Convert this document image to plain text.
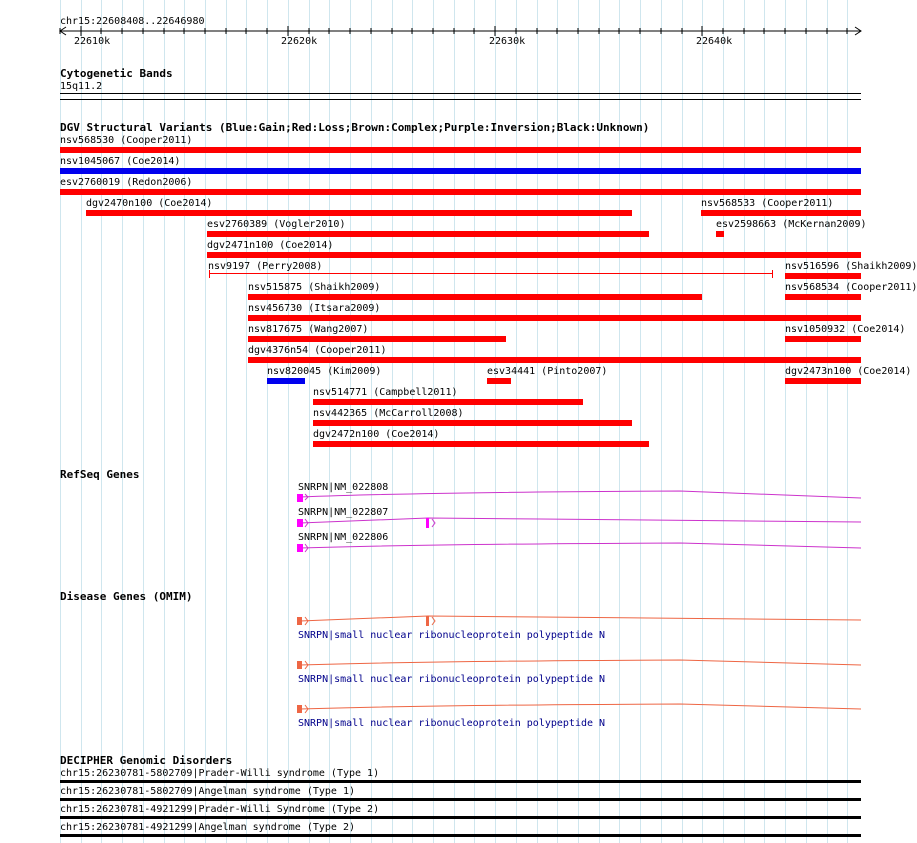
chr15:22608408..22646980
22610k	22620k	22630k	22640k
Cytogenetic Bands
15q11.2
DGV Structural Variants (Blue:Gain;Red:Loss;Brown:Complex;Purple:Inversion;Black:Unknown)
nsv568530 (Cooper2011)
nsv1045067 (Coe2014)
esv2760019 (Redon2006)
dgv2470n100 (Coe2014)	nsv568533 (Cooper2011)
esv2760389 (Vogler2010)	esv2598663 (McKernan2009)
dgv2471n100 (Coe2014)
nsv9197 (Perry2008)	nsv516596 (Shaikh2009)
nsv515875 (Shaikh2009)	nsv568534 (Cooper2011)
nsv456730 (Itsara2009)
nsv817675 (Wang2007)	nsv1050932 (Coe2014)
dgv4376n54 (Cooper2011)
nsv820045 (Kim2009)	esv34441 (Pinto2007)	dgv2473n100 (Coe2014)
nsv514771 (Campbell2011)
nsv442365 (McCarroll2008)
dgv2472n100 (Coe2014)
RefSeq Genes
SNRPN|NM_022808
SNRPN|NM_022807
SNRPN|NM_022806
Disease Genes (OMIM)
SNRPN|small nuclear ribonucleoprotein polypeptide N
SNRPN|small nuclear ribonucleoprotein polypeptide N
SNRPN|small nuclear ribonucleoprotein polypeptide N
DECIPHER Genomic Disorders
chr15:26230781-5802709|Prader-Willi syndrome (Type 1)
chr15:26230781-5802709|Angelman syndrome (Type 1)
chr15:26230781-4921299|Prader-Willi Syndrome (Type 2)
chr15:26230781-4921299|Angelman syndrome (Type 2)
